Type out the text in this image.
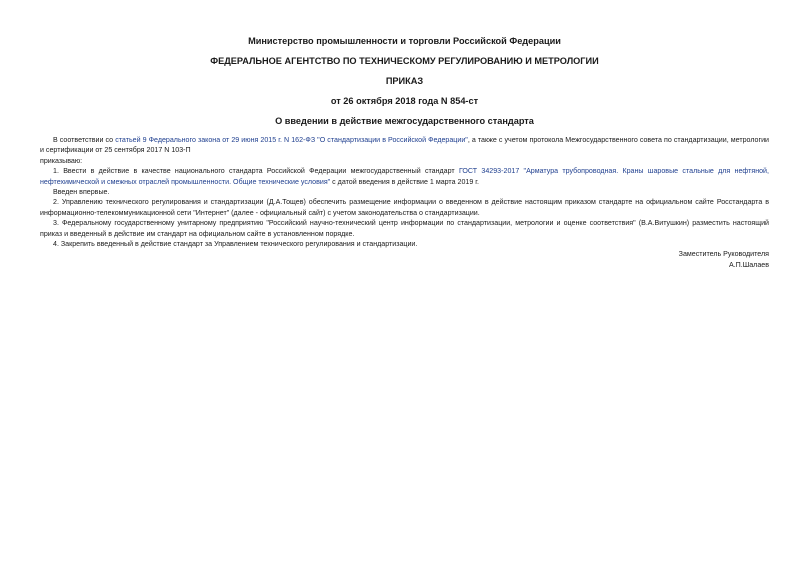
Министерство промышленности и торговли Российской Федерации

ФЕДЕРАЛЬНОЕ АГЕНТСТВО ПО ТЕХНИЧЕСКОМУ РЕГУЛИРОВАНИЮ И МЕТРОЛОГИИ

ПРИКАЗ

от 26 октября 2018 года N 854-ст

О введении в действие межгосударственного стандарта

В соответствии со статьей 9 Федерального закона от 29 июня 2015 г. N 162-ФЗ "О стандартизации в Российской Федерации", а также с учетом протокола Межгосударственного совета по стандартизации, метрологии и сертификации от 25 сентября 2017 N 103-П

приказываю:

1. Ввести в действие в качестве национального стандарта Российской Федерации межгосударственный стандарт ГОСТ 34293-2017 "Арматура трубопроводная. Краны шаровые стальные для нефтяной, нефтехимической и смежных отраслей промышленности. Общие технические условия" с датой введения в действие 1 марта 2019 г.

Введен впервые.

2. Управлению технического регулирования и стандартизации (Д.А.Тощев) обеспечить размещение информации о введенном в действие настоящим приказом стандарте на официальном сайте Росстандарта в информационно-телекоммуникационной сети "Интернет" (далее - официальный сайт) с учетом законодательства о стандартизации.

3. Федеральному государственному унитарному предприятию "Российский научно-технический центр информации по стандартизации, метрологии и оценке соответствия" (В.А.Витушкин) разместить настоящий приказ и введенный в действие им стандарт на официальном сайте в установленном порядке.

4. Закрепить введенный в действие стандарт за Управлением технического регулирования и стандартизации.

Заместитель Руководителя
А.П.Шалаев
